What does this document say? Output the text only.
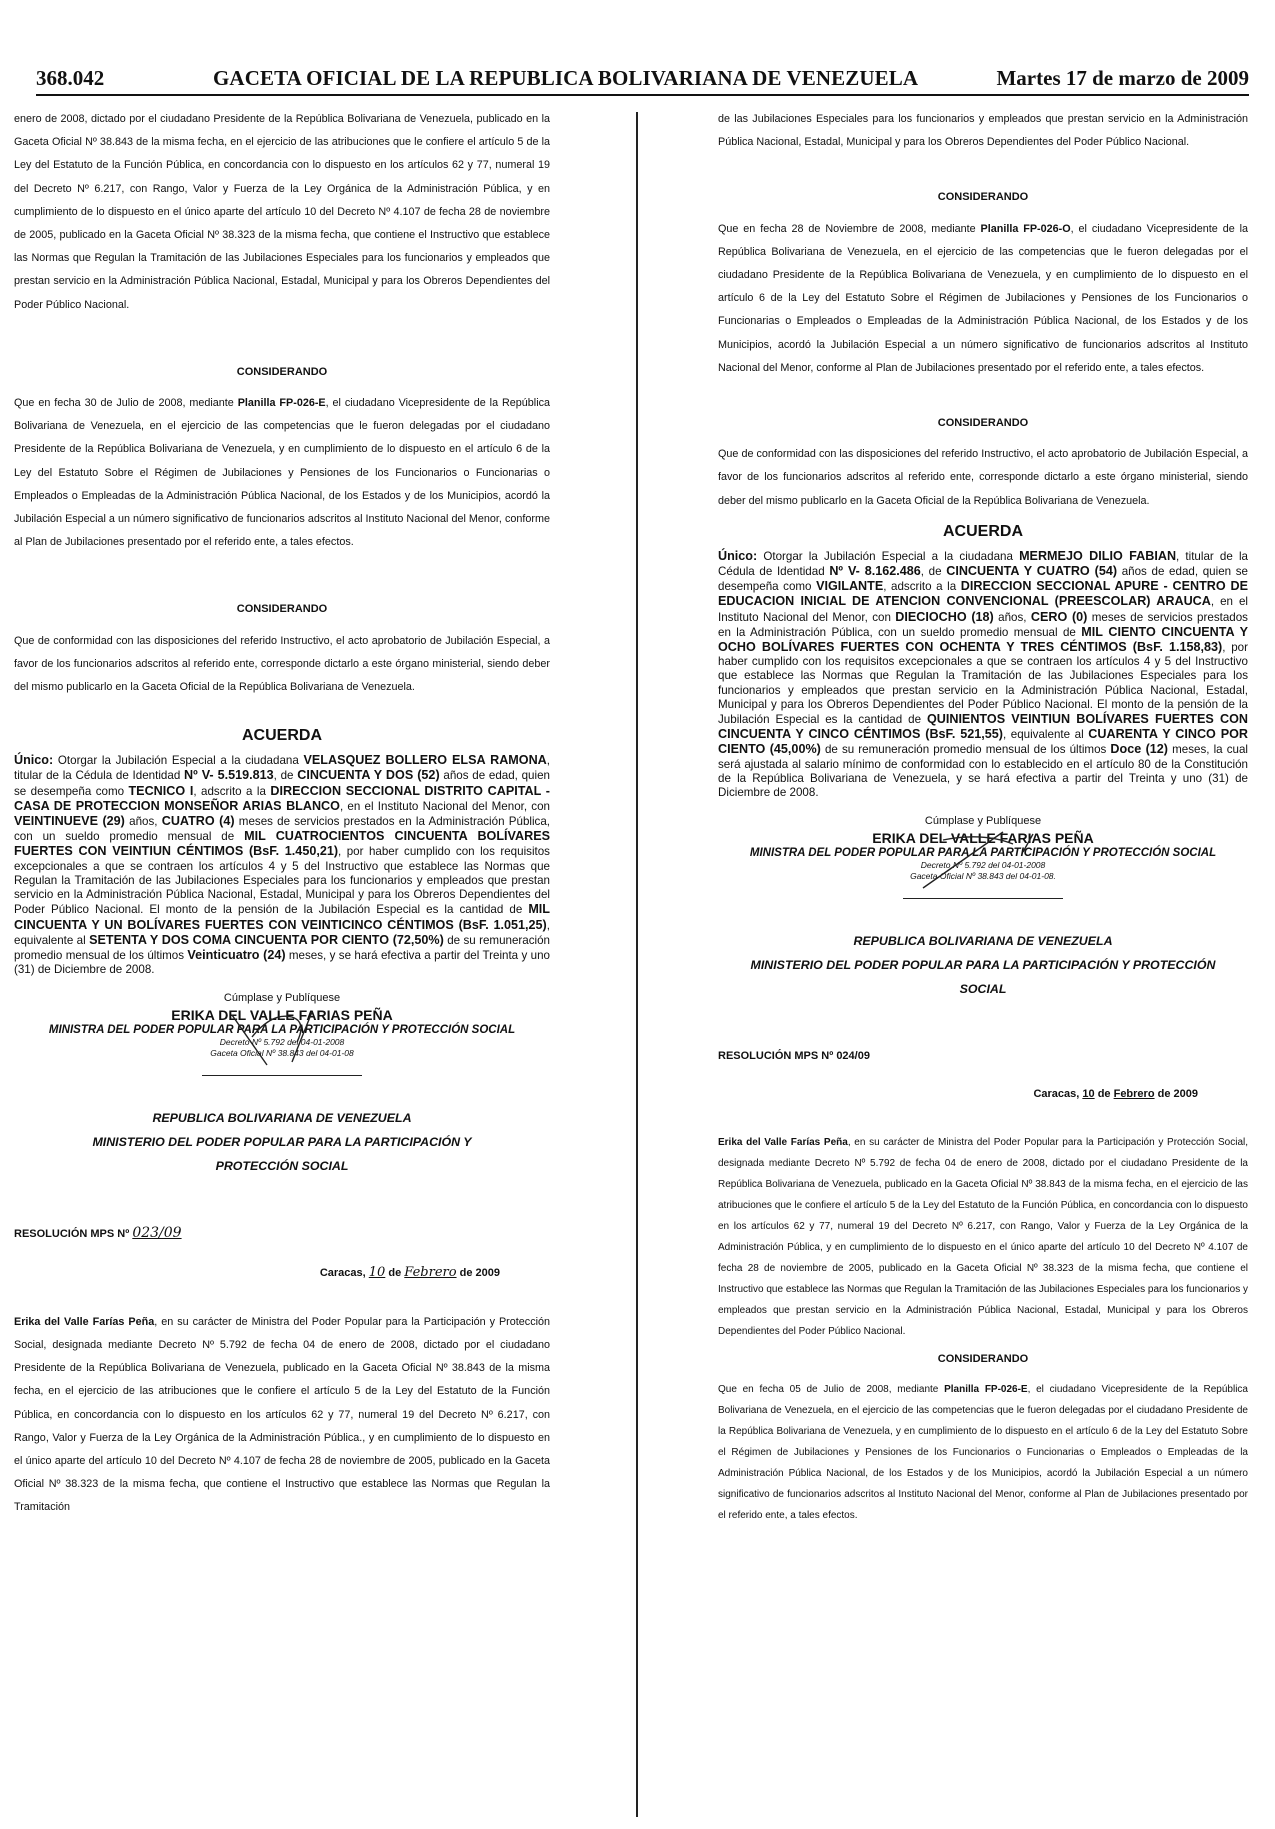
368.042	GACETA OFICIAL DE LA REPUBLICA BOLIVARIANA DE VENEZUELA	Martes 17 de marzo de 2009

enero de 2008, dictado por el ciudadano Presidente de la República Bolivariana de Venezuela, publicado en la Gaceta Oficial Nº 38.843 de la misma fecha, en el ejercicio de las atribuciones que le confiere el artículo 5 de la Ley del Estatuto de la Función Pública, en concordancia con lo dispuesto en los artículos 62 y 77, numeral 19 del Decreto Nº 6.217, con Rango, Valor y Fuerza de la Ley Orgánica de la Administración Pública, y en cumplimiento de lo dispuesto en el único aparte del artículo 10 del Decreto Nº 4.107 de fecha 28 de noviembre de 2005, publicado en la Gaceta Oficial Nº 38.323 de la misma fecha, que contiene el Instructivo que establece las Normas que Regulan la Tramitación de las Jubilaciones Especiales para los funcionarios y empleados que prestan servicio en la Administración Pública Nacional, Estadal, Municipal y para los Obreros Dependientes del Poder Público Nacional.

CONSIDERANDO

Que en fecha 30 de Julio de 2008, mediante Planilla FP-026-E, el ciudadano Vicepresidente de la República Bolivariana de Venezuela, en el ejercicio de las competencias que le fueron delegadas por el ciudadano Presidente de la República Bolivariana de Venezuela, y en cumplimiento de lo dispuesto en el artículo 6 de la Ley del Estatuto Sobre el Régimen de Jubilaciones y Pensiones de los Funcionarios o Funcionarias o Empleados o Empleadas de la Administración Pública Nacional, de los Estados y de los Municipios, acordó la Jubilación Especial a un número significativo de funcionarios adscritos al Instituto Nacional del Menor, conforme al Plan de Jubilaciones presentado por el referido ente, a tales efectos.

CONSIDERANDO

Que de conformidad con las disposiciones del referido Instructivo, el acto aprobatorio de Jubilación Especial, a favor de los funcionarios adscritos al referido ente, corresponde dictarlo a este órgano ministerial, siendo deber del mismo publicarlo en la Gaceta Oficial de la República Bolivariana de Venezuela.

ACUERDA

Único: Otorgar la Jubilación Especial a la ciudadana VELASQUEZ BOLLERO ELSA RAMONA, titular de la Cédula de Identidad Nº V- 5.519.813, de CINCUENTA Y DOS (52) años de edad, quien se desempeña como TECNICO I, adscrito a la DIRECCION SECCIONAL DISTRITO CAPITAL - CASA DE PROTECCION MONSEÑOR ARIAS BLANCO, en el Instituto Nacional del Menor, con VEINTINUEVE (29) años, CUATRO (4) meses de servicios prestados en la Administración Pública, con un sueldo promedio mensual de MIL CUATROCIENTOS CINCUENTA BOLÍVARES FUERTES CON VEINTIUN CÉNTIMOS (BsF. 1.450,21), por haber cumplido con los requisitos excepcionales a que se contraen los artículos 4 y 5 del Instructivo que establece las Normas que Regulan la Tramitación de las Jubilaciones Especiales para los funcionarios y empleados que prestan servicio en la Administración Pública Nacional, Estadal, Municipal y para los Obreros Dependientes del Poder Público Nacional. El monto de la pensión de la Jubilación Especial es la cantidad de MIL CINCUENTA Y UN BOLÍVARES FUERTES CON VEINTICINCO CÉNTIMOS (BsF. 1.051,25), equivalente al SETENTA Y DOS COMA CINCUENTA POR CIENTO (72,50%) de su remuneración promedio mensual de los últimos Veinticuatro (24) meses, y se hará efectiva a partir del Treinta y uno (31) de Diciembre de 2008.

Cúmplase y Publíquese
ERIKA DEL VALLE FARIAS PEÑA
MINISTRA DEL PODER POPULAR PARA LA PARTICIPACIÓN Y PROTECCIÓN SOCIAL
Decreto Nº 5.792 del 04-01-2008
Gaceta Oficial Nº 38.843 del 04-01-08
REPUBLICA BOLIVARIANA DE VENEZUELA
MINISTERIO DEL PODER POPULAR PARA LA PARTICIPACIÓN Y
PROTECCIÓN SOCIAL
RESOLUCIÓN MPS Nº 023/09
Caracas, 10 de Febrero de 2009

Erika del Valle Farías Peña, en su carácter de Ministra del Poder Popular para la Participación y Protección Social, designada mediante Decreto Nº 5.792 de fecha 04 de enero de 2008, dictado por el ciudadano Presidente de la República Bolivariana de Venezuela, publicado en la Gaceta Oficial Nº 38.843 de la misma fecha, en el ejercicio de las atribuciones que le confiere el artículo 5 de la Ley del Estatuto de la Función Pública, en concordancia con lo dispuesto en los artículos 62 y 77, numeral 19 del Decreto Nº 6.217, con Rango, Valor y Fuerza de la Ley Orgánica de la Administración Pública., y en cumplimiento de lo dispuesto en el único aparte del artículo 10 del Decreto Nº 4.107 de fecha 28 de noviembre de 2005, publicado en la Gaceta Oficial Nº 38.323 de la misma fecha, que contiene el Instructivo que establece las Normas que Regulan la Tramitación

de las Jubilaciones Especiales para los funcionarios y empleados que prestan servicio en la Administración Pública Nacional, Estadal, Municipal y para los Obreros Dependientes del Poder Público Nacional.

CONSIDERANDO

Que en fecha 28 de Noviembre de 2008, mediante Planilla FP-026-O, el ciudadano Vicepresidente de la República Bolivariana de Venezuela, en el ejercicio de las competencias que le fueron delegadas por el ciudadano Presidente de la República Bolivariana de Venezuela, y en cumplimiento de lo dispuesto en el artículo 6 de la Ley del Estatuto Sobre el Régimen de Jubilaciones y Pensiones de los Funcionarios o Funcionarias o Empleados o Empleadas de la Administración Pública Nacional, de los Estados y de los Municipios, acordó la Jubilación Especial a un número significativo de funcionarios adscritos al Instituto Nacional del Menor, conforme al Plan de Jubilaciones presentado por el referido ente, a tales efectos.

CONSIDERANDO

Que de conformidad con las disposiciones del referido Instructivo, el acto aprobatorio de Jubilación Especial, a favor de los funcionarios adscritos al referido ente, corresponde dictarlo a este órgano ministerial, siendo deber del mismo publicarlo en la Gaceta Oficial de la República Bolivariana de Venezuela.

ACUERDA

Único: Otorgar la Jubilación Especial a la ciudadana MERMEJO DILIO FABIAN, titular de la Cédula de Identidad Nº V- 8.162.486, de CINCUENTA Y CUATRO (54) años de edad, quien se desempeña como VIGILANTE, adscrito a la DIRECCION SECCIONAL APURE - CENTRO DE EDUCACION INICIAL DE ATENCION CONVENCIONAL (PREESCOLAR) ARAUCA, en el Instituto Nacional del Menor, con DIECIOCHO (18) años, CERO (0) meses de servicios prestados en la Administración Pública, con un sueldo promedio mensual de MIL CIENTO CINCUENTA Y OCHO BOLÍVARES FUERTES CON OCHENTA Y TRES CÉNTIMOS (BsF. 1.158,83), por haber cumplido con los requisitos excepcionales a que se contraen los artículos 4 y 5 del Instructivo que establece las Normas que Regulan la Tramitación de las Jubilaciones Especiales para los funcionarios y empleados que prestan servicio en la Administración Pública Nacional, Estadal, Municipal y para los Obreros Dependientes del Poder Público Nacional. El monto de la pensión de la Jubilación Especial es la cantidad de QUINIENTOS VEINTIUN BOLÍVARES FUERTES CON CINCUENTA Y CINCO CÉNTIMOS (BsF. 521,55), equivalente al CUARENTA Y CINCO POR CIENTO (45,00%) de su remuneración promedio mensual de los últimos Doce (12) meses, la cual será ajustada al salario mínimo de conformidad con lo establecido en el artículo 80 de la Constitución de la República Bolivariana de Venezuela, y se hará efectiva a partir del Treinta y uno (31) de Diciembre de 2008.

Cúmplase y Publíquese
ERIKA DEL VALLE FARIAS PEÑA
MINISTRA DEL PODER POPULAR PARA LA PARTICIPACIÓN Y PROTECCIÓN SOCIAL
Decreto Nº 5.792 del 04-01-2008
Gaceta Oficial Nº 38.843 del 04-01-08.
REPUBLICA BOLIVARIANA DE VENEZUELA
MINISTERIO DEL PODER POPULAR PARA LA PARTICIPACIÓN Y PROTECCIÓN
SOCIAL
RESOLUCIÓN MPS Nº 024/09
Caracas, 10 de Febrero de 2009

Erika del Valle Farías Peña, en su carácter de Ministra del Poder Popular para la Participación y Protección Social, designada mediante Decreto Nº 5.792 de fecha 04 de enero de 2008, dictado por el ciudadano Presidente de la República Bolivariana de Venezuela, publicado en la Gaceta Oficial Nº 38.843 de la misma fecha, en el ejercicio de las atribuciones que le confiere el artículo 5 de la Ley del Estatuto de la Función Pública, en concordancia con lo dispuesto en los artículos 62 y 77, numeral 19 del Decreto Nº 6.217, con Rango, Valor y Fuerza de la Ley Orgánica de la Administración Pública, y en cumplimiento de lo dispuesto en el único aparte del artículo 10 del Decreto Nº 4.107 de fecha 28 de noviembre de 2005, publicado en la Gaceta Oficial Nº 38.323 de la misma fecha, que contiene el Instructivo que establece las Normas que Regulan la Tramitación de las Jubilaciones Especiales para los funcionarios y empleados que prestan servicio en la Administración Pública Nacional, Estadal, Municipal y para los Obreros Dependientes del Poder Público Nacional.

CONSIDERANDO

Que en fecha 05 de Julio de 2008, mediante Planilla FP-026-E, el ciudadano Vicepresidente de la República Bolivariana de Venezuela, en el ejercicio de las competencias que le fueron delegadas por el ciudadano Presidente de la República Bolivariana de Venezuela, y en cumplimiento de lo dispuesto en el artículo 6 de la Ley del Estatuto Sobre el Régimen de Jubilaciones y Pensiones de los Funcionarios o Funcionarias o Empleados o Empleadas de la Administración Pública Nacional, de los Estados y de los Municipios, acordó la Jubilación Especial a un número significativo de funcionarios adscritos al Instituto Nacional del Menor, conforme al Plan de Jubilaciones presentado por el referido ente, a tales efectos.
